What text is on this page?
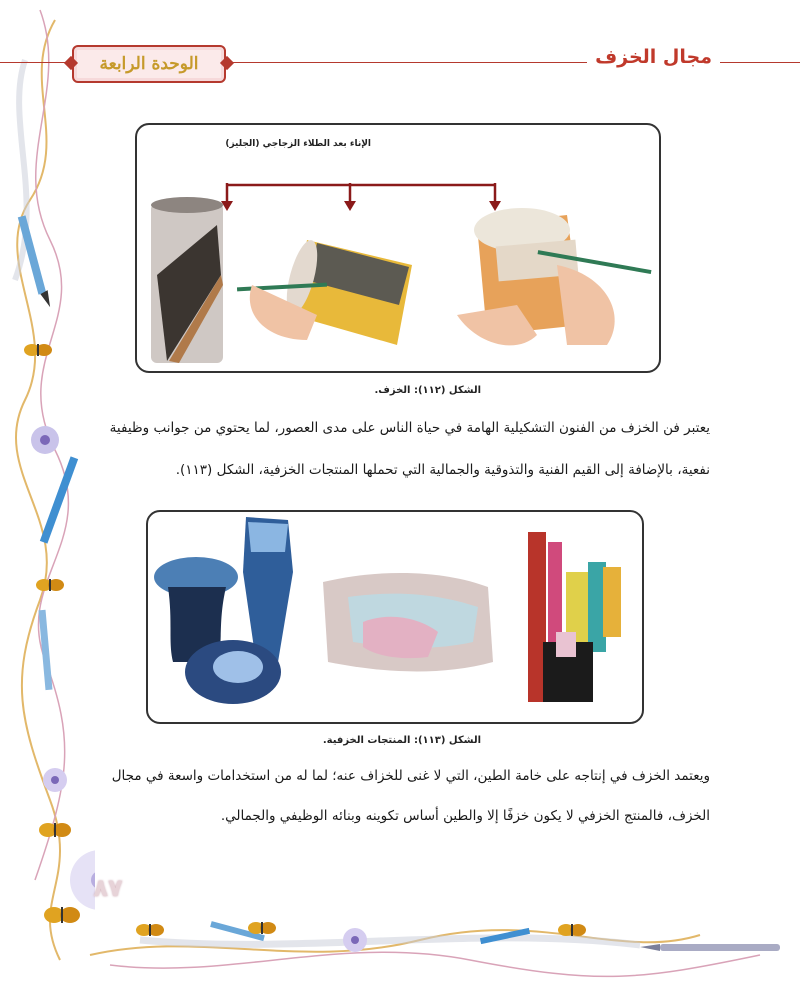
الوحدة الرابعة	مجال الخزف
الإناء بعد الطلاء الزجاجي (الجليز)
الشكل (١١٢): الخزف.
يعتبر فن الخزف من الفنون التشكيلية الهامة في حياة الناس على مدى العصور، لما يحتوي من جوانب وظيفية
نفعية، بالإضافة إلى القيم الفنية والتذوقية والجمالية التي تحملها المنتجات الخزفية، الشكل (١١٣).
الشكل (١١٣): المنتجات الخزفية.
ويعتمد الخزف في إنتاجه على خامة الطين، التي لا غنى للخزاف عنه؛ لما له من استخدامات واسعة في مجال
الخزف، فالمنتج الخزفي لا يكون خزفًا إلا والطين أساس تكوينه وبنائه الوظيفي والجمالي.
٨٧
